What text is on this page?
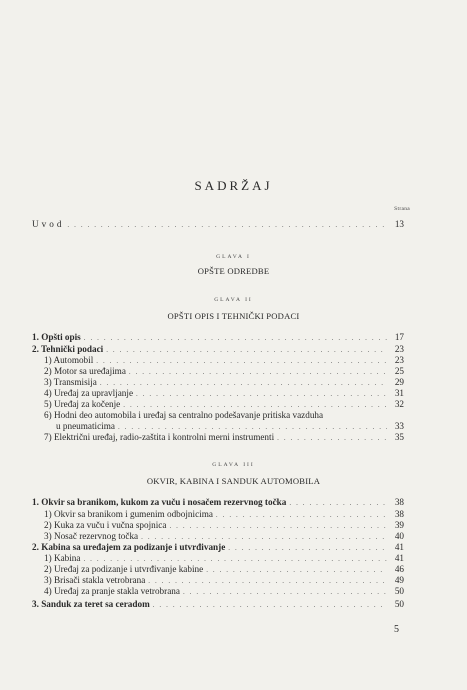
SADRŽAJ
Strana
Uvod . . .	13
GLAVA I
OPŠTE ODREDBE
GLAVA II
OPŠTI OPIS I TEHNIČKI PODACI
1. Opšti opis . . .	17
2. Tehnički podaci . . .	23
1) Automobil . . .	23
2) Motor sa uređajima . . .	25
3) Transmisija . . .	29
4) Uređaj za upravljanje . . .	31
5) Uređaj za kočenje . . .	32
6) Hodni deo automobila i uređaj sa centralno podešavanje pritiska vazduha
u pneumaticima . . .	33
7) Električni uređaj, radio-zaštita i kontrolni merni instrumenti . . .	35
GLAVA III
OKVIR, KABINA I SANDUK AUTOMOBILA
1. Okvir sa branikom, kukom za vuču i nosačem rezervnog točka . . .	38
1) Okvir sa branikom i gumenim odbojnicima . . .	38
2) Kuka za vuču i vučna spojnica . . .	39
3) Nosač rezervnog točka . . .	40
2. Kabina sa uređajem za podizanje i utvrđivanje . . .	41
1) Kabina . . .	41
2) Uređaj za podizanje i utvrđivanje kabine . . .	46
3) Brisači stakla vetrobrana . . .	49
4) Uređaj za pranje stakla vetrobrana . . .	50
3. Sanduk za teret sa ceradom . . .	50
5
